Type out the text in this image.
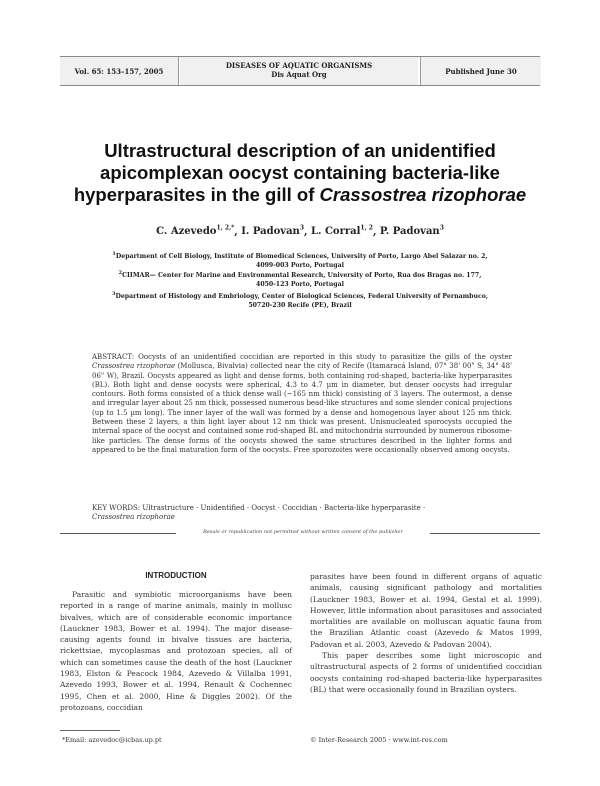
Vol. 65: 153–157, 2005
DISEASES OF AQUATIC ORGANISMS
Dis Aquat Org	Published June 30
Ultrastructural description of an unidentified
apicomplexan oocyst containing bacteria-like
hyperparasites in the gill of Crassostrea rizophorae
C. Azevedo$^{1, 2,*}$, I. Padovan$^3$, L. Corral$^{1, 2}$, P. Padovan$^3$
$^1$Department of Cell Biology, Institute of Biomedical Sciences, University of Porto, Largo Abel Salazar no. 2,
4099-003 Porto, Portugal
$^2$CIIMAR— Center for Marine and Environmental Research, University of Porto, Rua dos Bragas no. 177,
4050-123 Porto, Portugal
$^3$Department of Histology and Embriology, Center of Biological Sciences, Federal University of Pernambuco,
50720-230 Recife (PE), Brazil
ABSTRACT: Oocysts of an unidentified coccidian are reported in this study to parasitize the gills of the oyster Crassostrea rizophorae (Mollusca, Bivalvia) collected near the city of Recife (Itamaracá Island, 07° 38' 00" S, 34° 48' 06" W), Brazil. Oocysts appeared as light and dense forms, both containing rod-shaped, bacteria-like hyperparasites (BL). Both light and dense oocysts were spherical, 4.3 to 4.7 µm in diameter, but denser oocysts had irregular contours. Both forms consisted of a thick dense wall (~165 nm thick) consisting of 3 layers. The outermost, a dense and irregular layer about 25 nm thick, possessed numerous bead-like structures and some slender conical projections (up to 1.5 µm long). The inner layer of the wall was formed by a dense and homogenous layer about 125 nm thick. Between these 2 layers, a thin light layer about 12 nm thick was present. Unisnucleated sporocysts occupied the internal space of the oocyst and contained some rod-shaped BL and mitochondria surrounded by numerous ribosome-like particles. The dense forms of the oocysts showed the same structures described in the lighter forms and appeared to be the final maturation form of the oocysts. Free sporozoites were occasionally observed among oocysts.
KEY WORDS: Ultrastructure · Unidentified · Oocyst · Coccidian · Bacteria-like hyperparasite ·
Crassostrea rizophorae
Resale or republication not permitted without written consent of the publisher
INTRODUCTION
Parasitic and symbiotic microorganisms have been reported in a range of marine animals, mainly in mollusc bivalves, which are of considerable economic importance (Lauckner 1983, Bower et al. 1994). The major disease-causing agents found in bivalve tissues are bacteria, rickettsiae, mycoplasmas and protozoan species, all of which can sometimes cause the death of the host (Lauckner 1983, Elston & Peacock 1984, Azevedo & Villalba 1991, Azevedo 1993, Bower et al. 1994, Renault & Cochennec 1995, Chen et al. 2000, Hine & Diggles 2002). Of the protozoans, coccidian
parasites have been found in different organs of aquatic animals, causing significant pathology and mortalities (Lauckner 1983, Bower et al. 1994, Gestal et al. 1999). However, little information about parasitoses and associated mortalities are available on molluscan aquatic fauna from the Brazilian Atlantic coast (Azevedo & Matos 1999, Padovan et al. 2003, Azevedo & Padovan 2004).
This paper describes some light microscopic and ultrastructural aspects of 2 forms of unidentified coccidian oocysts containing rod-shaped bacteria-like hyperparasites (BL) that were occasionally found in Brazilian oysters.
*Email: azevedoc@icbas.up.pt	© Inter-Research 2005 · www.int-res.com
